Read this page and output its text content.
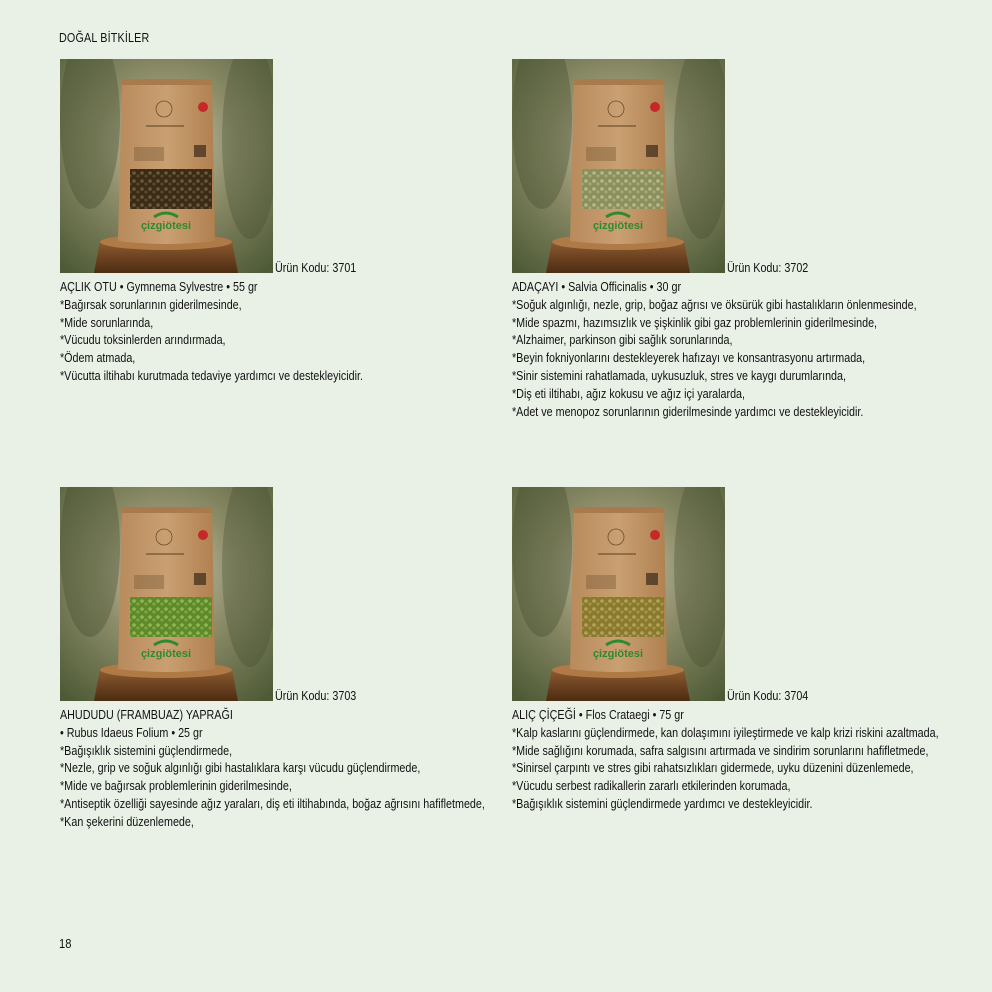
DOĞAL BİTKİLER
çizgiötesi
Ürün Kodu: 3701
AÇLIK OTU • Gymnema Sylvestre • 55 gr
*Bağırsak sorunlarının giderilmesinde,
*Mide sorunlarında,
*Vücudu toksinlerden arındırmada,
*Ödem atmada,
*Vücutta iltihabı kurutmada tedaviye yardımcı ve destekleyicidir.
çizgiötesi
Ürün Kodu: 3702
ADAÇAYI • Salvia Officinalis • 30 gr
*Soğuk algınlığı, nezle, grip, boğaz ağrısı ve öksürük gibi hastalıkların önlenmesinde,
*Mide spazmı, hazımsızlık ve şişkinlik gibi gaz problemlerinin giderilmesinde,
*Alzhaimer, parkinson gibi sağlık sorunlarında,
*Beyin fokniyonlarını destekleyerek hafızayı ve konsantrasyonu artırmada,
*Sinir sistemini rahatlamada, uykusuzluk, stres ve kaygı durumlarında,
*Diş eti iltihabı, ağız kokusu ve ağız içi yaralarda,
*Adet ve menopoz sorunlarının giderilmesinde yardımcı ve destekleyicidir.
çizgiötesi
Ürün Kodu: 3703
AHUDUDU (FRAMBUAZ) YAPRAĞI
• Rubus Idaeus Folium • 25 gr
*Bağışıklık sistemini güçlendirmede,
*Nezle, grip ve soğuk algınlığı gibi hastalıklara karşı vücudu güçlendirmede,
*Mide ve bağırsak problemlerinin giderilmesinde,
*Antiseptik özelliği sayesinde ağız yaraları, diş eti iltihabında, boğaz ağrısını hafifletmede,
*Kan şekerini düzenlemede,
çizgiötesi
Ürün Kodu: 3704
ALIÇ ÇİÇEĞİ • Flos Crataegi • 75 gr
*Kalp kaslarını güçlendirmede, kan dolaşımını iyileştirmede ve kalp krizi riskini azaltmada,
*Mide sağlığını korumada, safra salgısını artırmada ve sindirim sorunlarını hafifletmede,
*Sinirsel çarpıntı ve stres gibi rahatsızlıkları gidermede, uyku düzenini düzenlemede,
*Vücudu serbest radikallerin zararlı etkilerinden korumada,
*Bağışıklık sistemini güçlendirmede yardımcı ve destekleyicidir.
18
